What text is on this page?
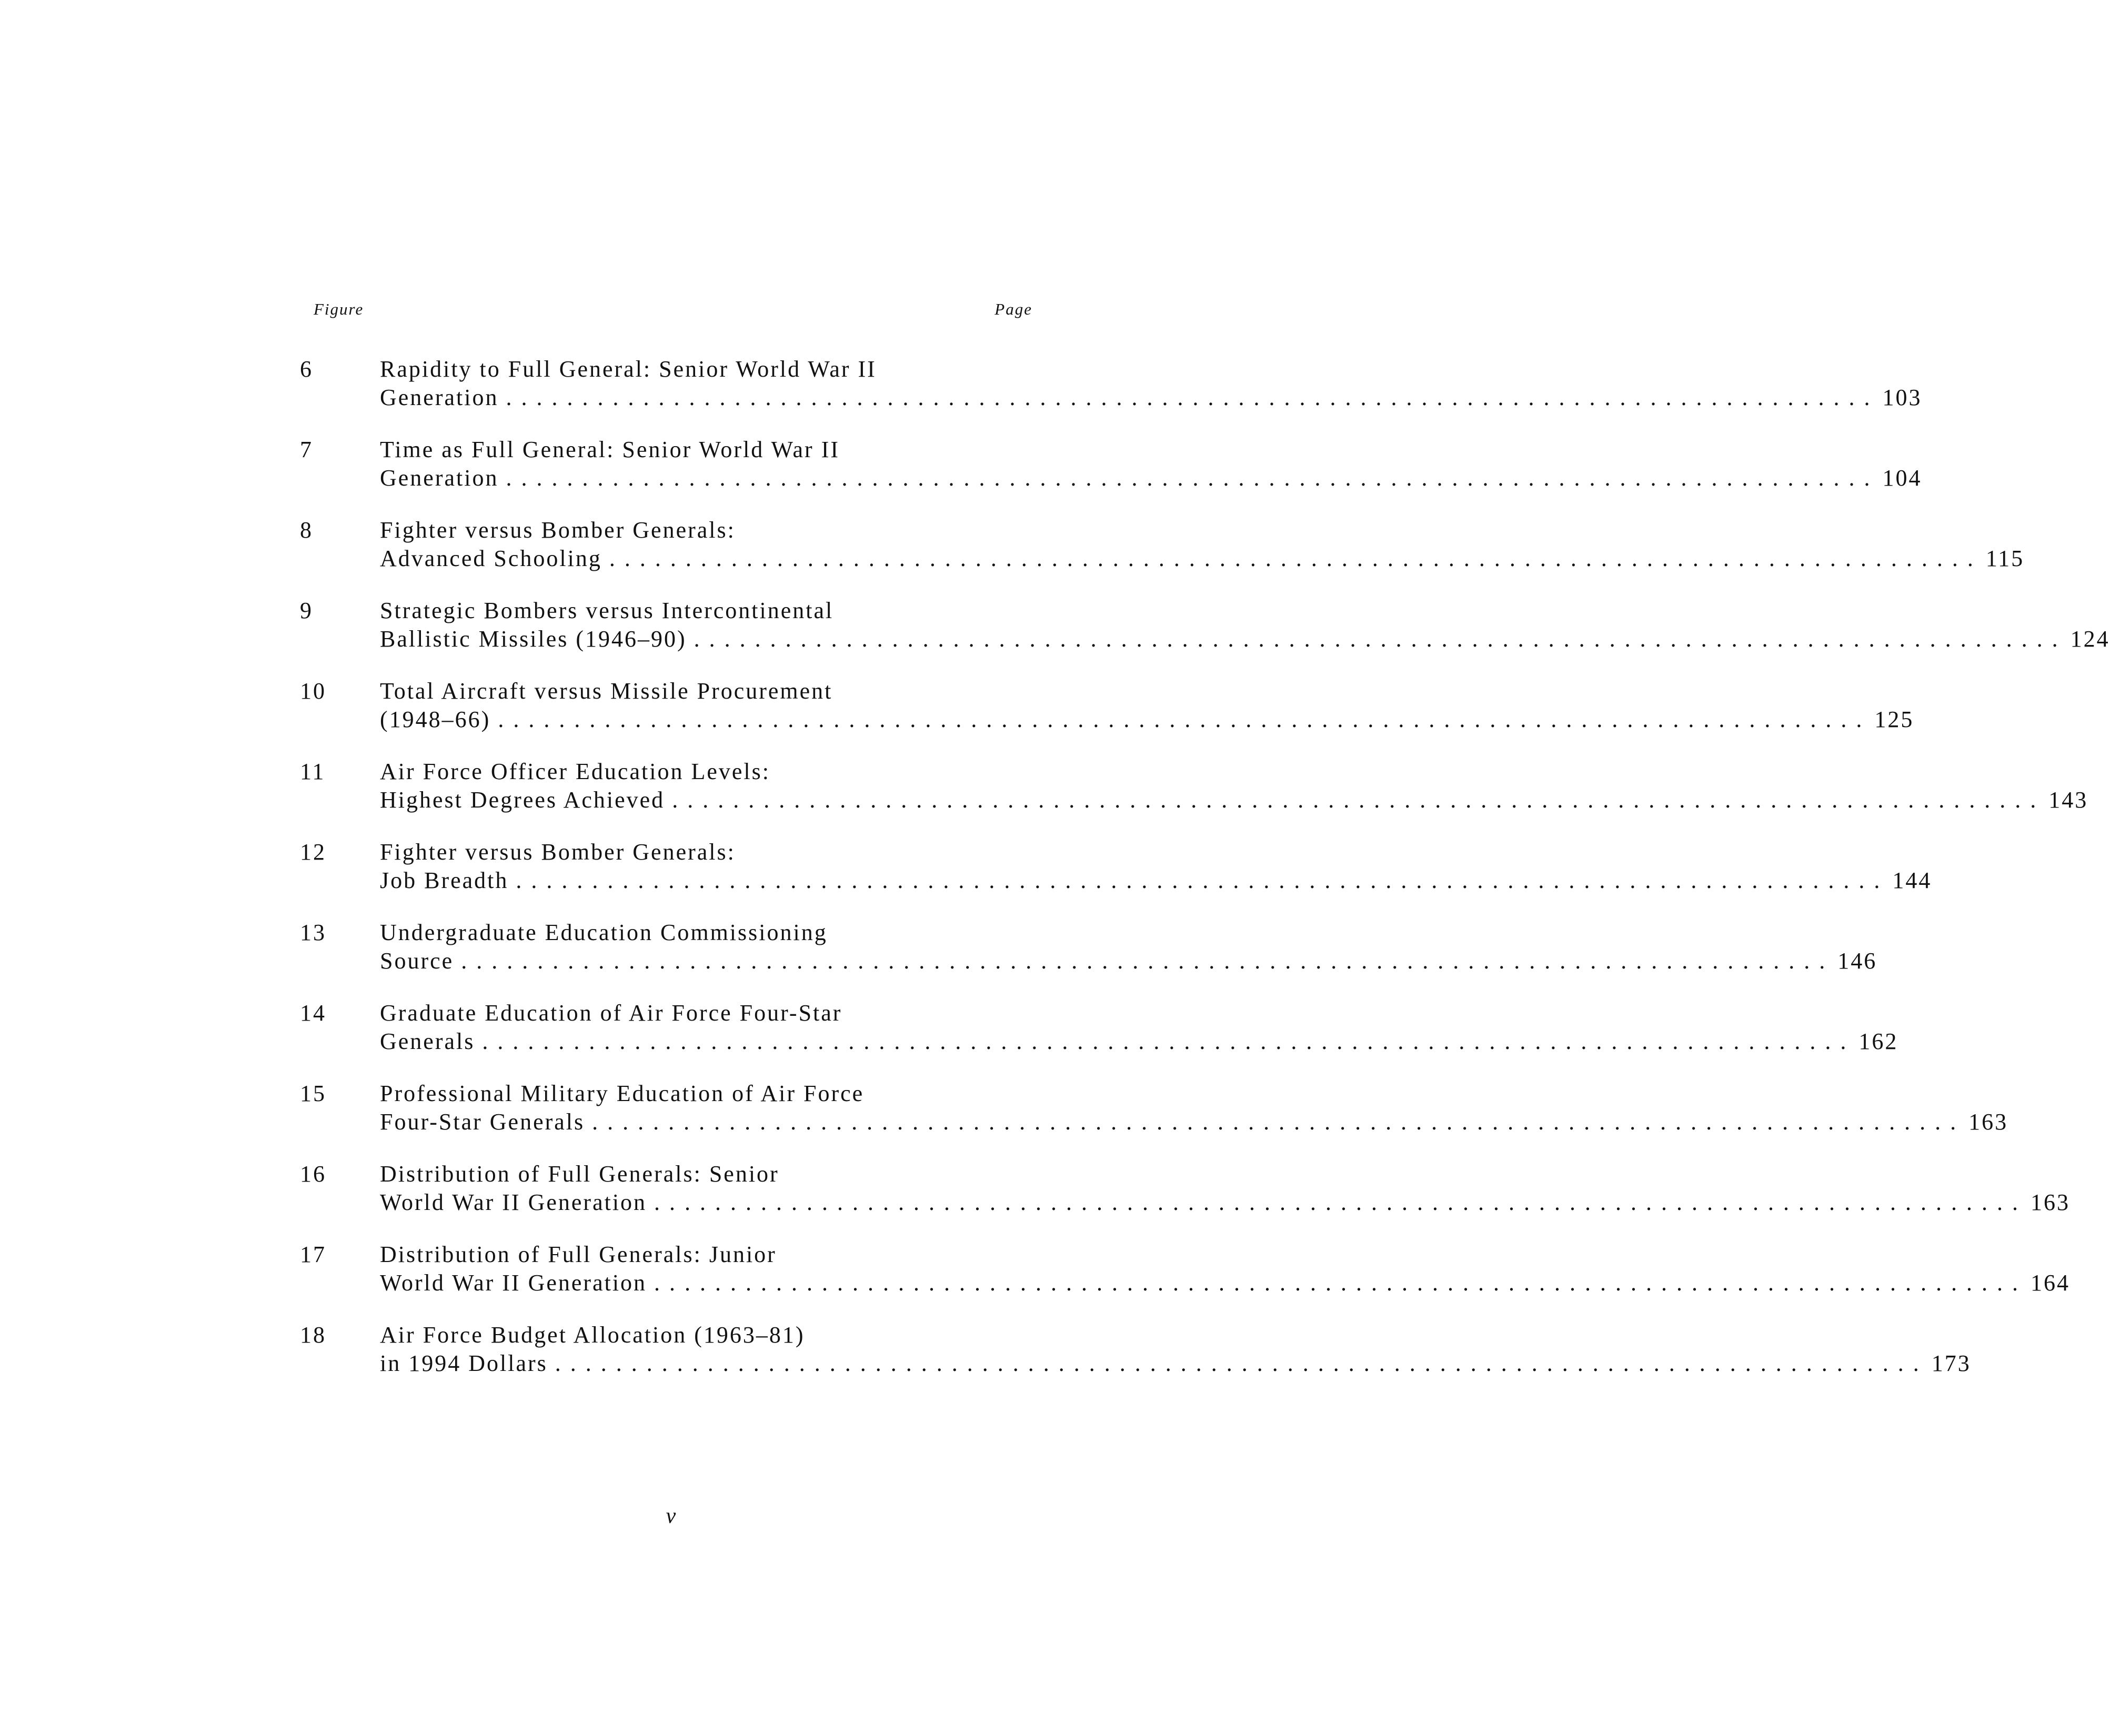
Figure	Page
6	Rapidity to Full General: Senior World War II
Generation .......................................................................................... 103
7	Time as Full General: Senior World War II
Generation .......................................................................................... 104
8	Fighter versus Bomber Generals:
Advanced Schooling .......................................................................................... 115
9	Strategic Bombers versus Intercontinental
Ballistic Missiles (1946–90) .......................................................................................... 124
10 Total Aircraft versus Missile Procurement
(1948–66) .......................................................................................... 125
11 Air Force Officer Education Levels:
Highest Degrees Achieved .......................................................................................... 143
12 Fighter versus Bomber Generals:
Job Breadth .......................................................................................... 144
13 Undergraduate Education Commissioning
Source .......................................................................................... 146
14 Graduate Education of Air Force Four-Star
Generals .......................................................................................... 162
15 Professional Military Education of Air Force
Four-Star Generals .......................................................................................... 163
16 Distribution of Full Generals: Senior
World War II Generation .......................................................................................... 163
17 Distribution of Full Generals: Junior
World War II Generation .......................................................................................... 164
18 Air Force Budget Allocation (1963–81)
in 1994 Dollars .......................................................................................... 173
v
